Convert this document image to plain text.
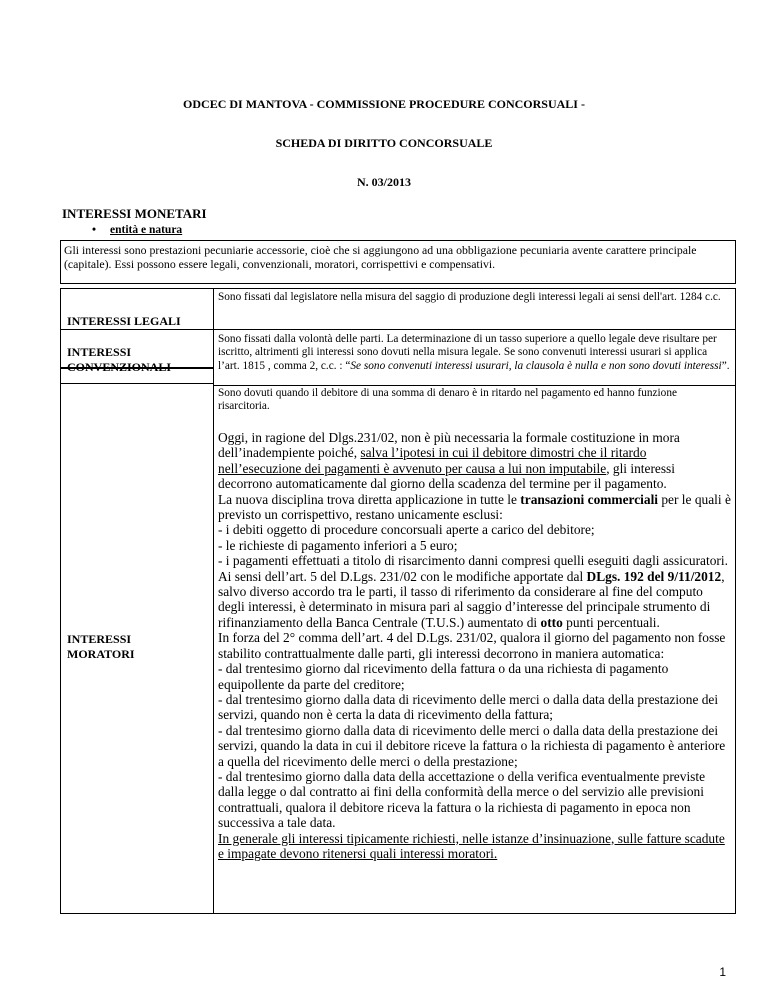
ODCEC DI MANTOVA - COMMISSIONE PROCEDURE CONCORSUALI -
SCHEDA DI DIRITTO CONCORSUALE
N. 03/2013
INTERESSI MONETARI
• entità e natura
Gli interessi sono prestazioni pecuniarie accessorie, cioè che si aggiungono ad una obbligazione pecuniaria avente carattere principale (capitale). Essi possono essere legali, convenzionali, moratori, corrispettivi e compensativi.
INTERESSI LEGALI
INTERESSI
CONVENZIONALI
INTERESSI
MORATORI
Sono fissati dal legislatore nella misura del saggio di produzione degli interessi legali ai sensi dell'art. 1284 c.c.
Sono fissati dalla volontà delle parti. La determinazione di un tasso superiore a quello legale deve risultare per iscritto, altrimenti gli interessi sono dovuti nella misura legale. Se sono convenuti interessi usurari si applica l’art. 1815 , comma 2, c.c. : “Se sono convenuti interessi usurari, la clausola è nulla e non sono dovuti interessi”.
Sono dovuti quando il debitore di una somma di denaro è in ritardo nel pagamento ed hanno funzione risarcitoria.
Oggi, in ragione del Dlgs.231/02, non è più necessaria la formale costituzione in mora dell’inadempiente poiché, salva l’ipotesi in cui il debitore dimostri che il ritardo nell’esecuzione dei pagamenti è avvenuto per causa a lui non imputabile, gli interessi decorrono automaticamente dal giorno della scadenza del termine per il pagamento.
La nuova disciplina trova diretta applicazione in tutte le transazioni commerciali per le quali è previsto un corrispettivo, restano unicamente esclusi:
- i debiti oggetto di procedure concorsuali aperte a carico del debitore;
- le richieste di pagamento inferiori a 5 euro;
- i pagamenti effettuati a titolo di risarcimento danni compresi quelli eseguiti dagli assicuratori.
Ai sensi dell’art. 5 del D.Lgs. 231/02 con le modifiche apportate dal DLgs. 192 del 9/11/2012, salvo diverso accordo tra le parti, il tasso di riferimento da considerare al fine del computo degli interessi, è determinato in misura pari al saggio d’interesse del principale strumento di rifinanziamento della Banca Centrale (T.U.S.) aumentato di otto punti percentuali.
In forza del 2° comma dell’art. 4 del D.Lgs. 231/02, qualora il giorno del pagamento non fosse stabilito contrattualmente dalle parti, gli interessi decorrono in maniera automatica:
- dal trentesimo giorno dal ricevimento della fattura o da una richiesta di pagamento equipollente da parte del creditore;
- dal trentesimo giorno dalla data di ricevimento delle merci o dalla data della prestazione dei servizi, quando non è certa la data di ricevimento della fattura;
- dal trentesimo giorno dalla data di ricevimento delle merci o dalla data della prestazione dei servizi, quando la data in cui il debitore riceve la fattura o la richiesta di pagamento è anteriore a quella del ricevimento delle merci o della prestazione;
- dal trentesimo giorno dalla data della accettazione o della verifica eventualmente previste dalla legge o dal contratto ai fini della conformità della merce o del servizio alle previsioni contrattuali, qualora il debitore riceva la fattura o la richiesta di pagamento in epoca non successiva a tale data.
In generale gli interessi tipicamente richiesti, nelle istanze d’insinuazione, sulle fatture scadute e impagate devono ritenersi quali interessi moratori.
1
